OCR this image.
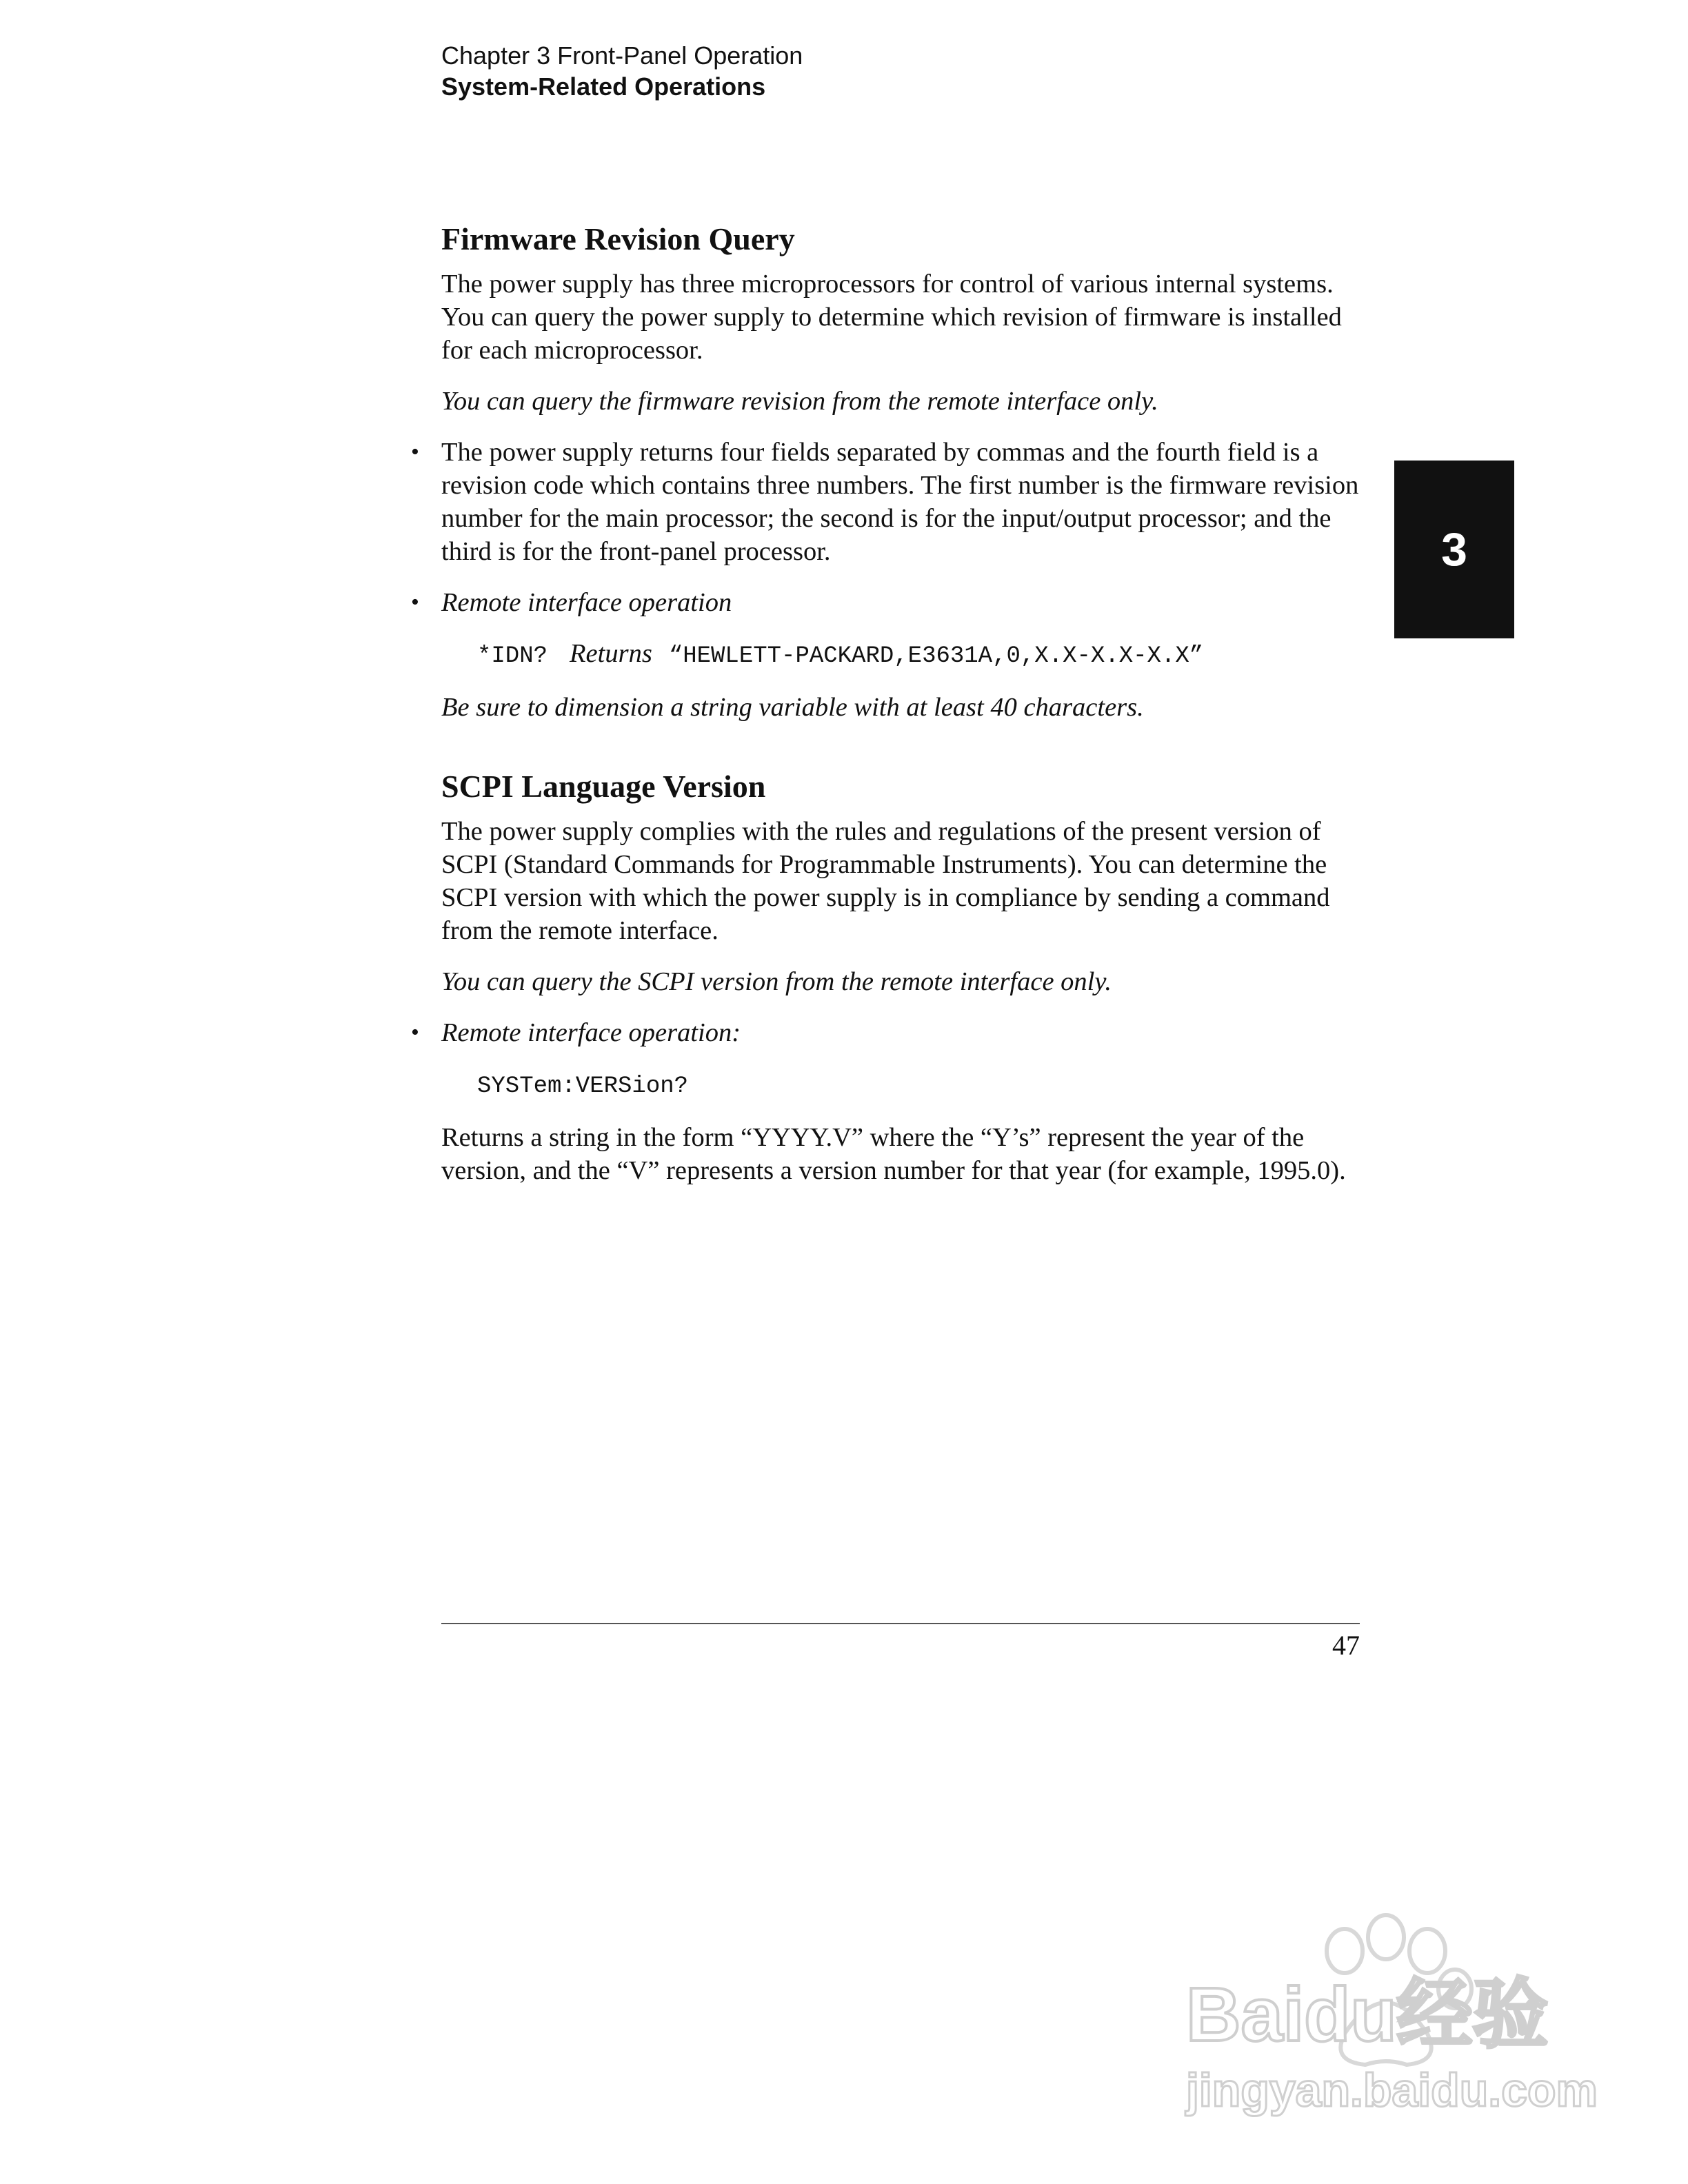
Chapter 3 Front-Panel Operation
System-Related Operations
3
Firmware Revision Query

The power supply has three microprocessors for control of various internal systems. You can query the power supply to determine which revision of firmware is installed for each microprocessor.

You can query the firmware revision from the remote interface only.

• The power supply returns four fields separated by commas and the fourth field is a revision code which contains three numbers. The first number is the firmware revision number for the main processor; the second is for the input/output processor; and the third is for the front-panel processor.
• Remote interface operation
*IDN? Returns “HEWLETT-PACKARD,E3631A,0,X.X-X.X-X.X”

Be sure to dimension a string variable with at least 40 characters.

SCPI Language Version

The power supply complies with the rules and regulations of the present version of SCPI (Standard Commands for Programmable Instruments). You can determine the SCPI version with which the power supply is in compliance by sending a command from the remote interface.

You can query the SCPI version from the remote interface only.

• Remote interface operation:
SYSTem:VERSion?

Returns a string in the form “YYYY.V” where the “Y’s” represent the year of the version, and the “V” represents a version number for that year (for example, 1995.0).

47
Baidu经验
jingyan.baidu.com
